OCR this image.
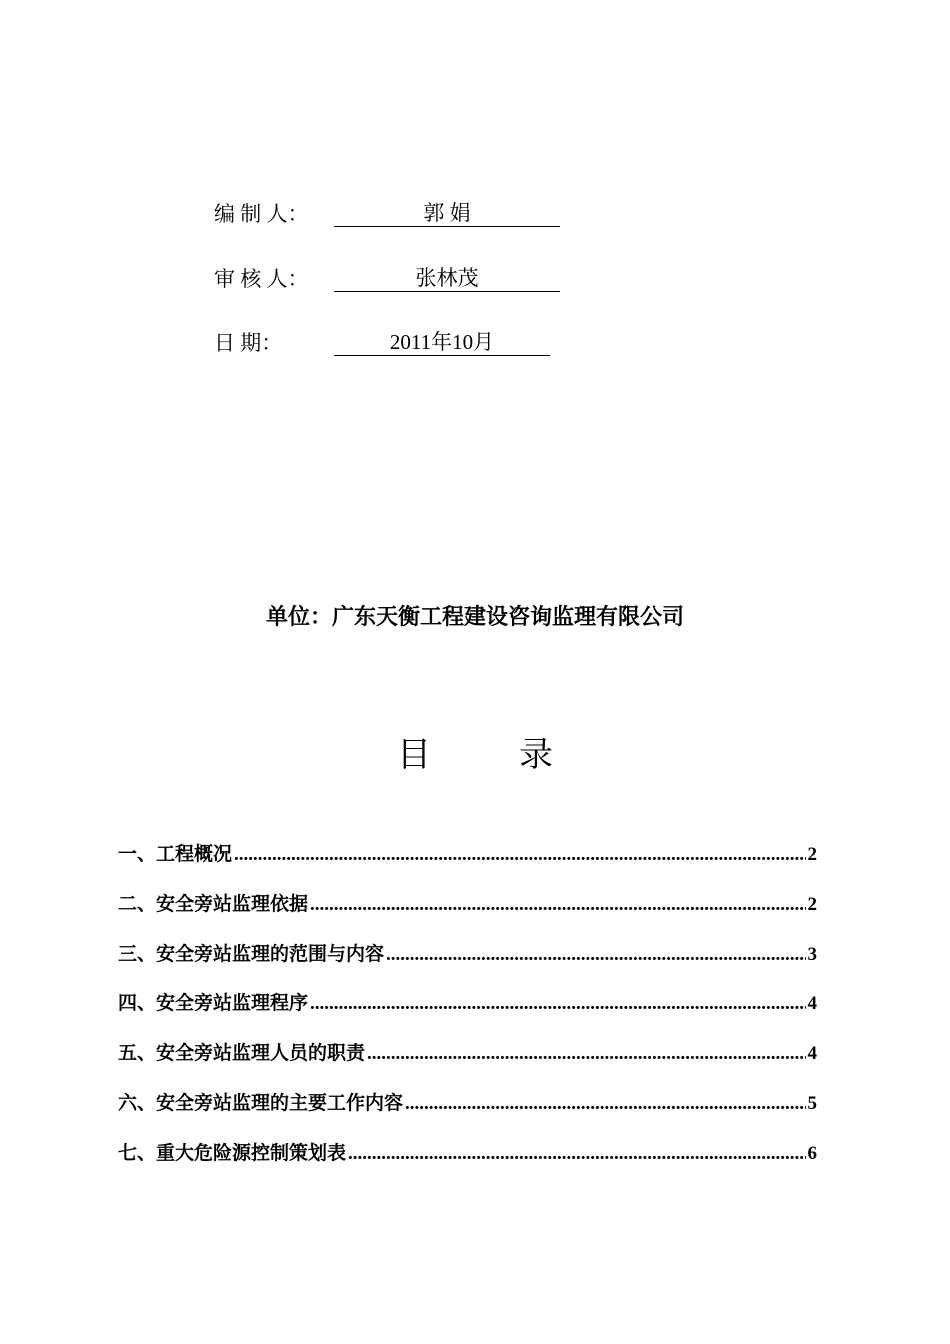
编 制 人：	郭 娟
审 核 人：	张林茂
日 期：	2011年10月
单位：广东天衡工程建设咨询监理有限公司
目	录
一、工程概况 .....	2
二、安全旁站监理依据 .....	2
三、安全旁站监理的范围与内容 .....	3
四、安全旁站监理程序 .....	4
五、安全旁站监理人员的职责 .....	4
六、安全旁站监理的主要工作内容 .....	5
七、重大危险源控制策划表 .....	6
